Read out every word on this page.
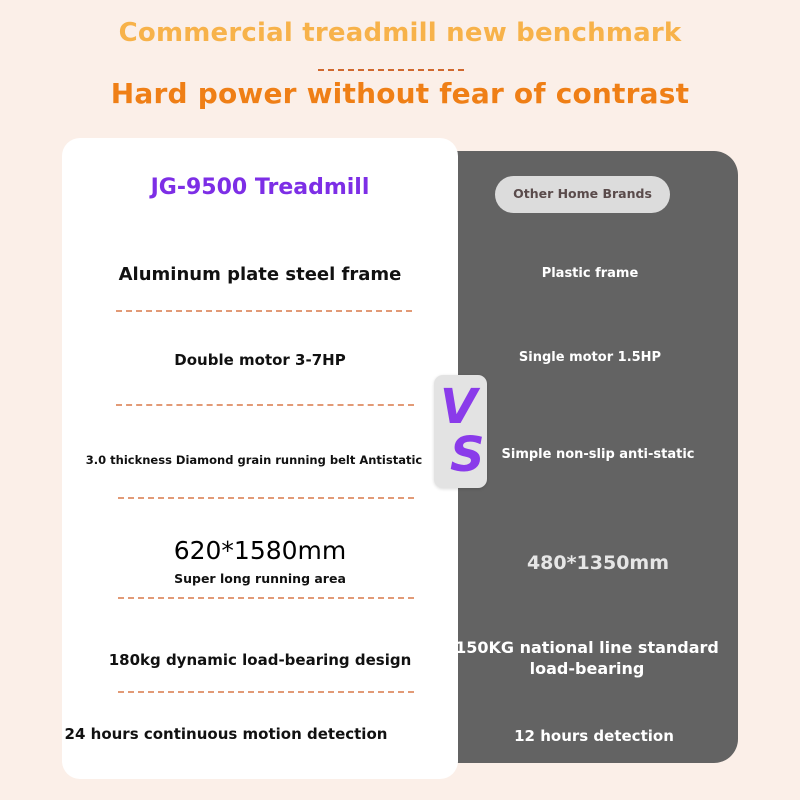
Commercial treadmill new benchmark
Hard power without fear of contrast
JG-9500 Treadmill	Other Home Brands
Aluminum plate steel frame
Double motor 3-7HP
3.0 thickness Diamond grain running belt Antistatic
620*1580mm
Super long running area
180kg dynamic load-bearing design
24 hours continuous motion detection
Plastic frame
Single motor 1.5HP
Simple non-slip anti-static
480*1350mm
150KG national line standard load-bearing
12 hours detection
V
S
